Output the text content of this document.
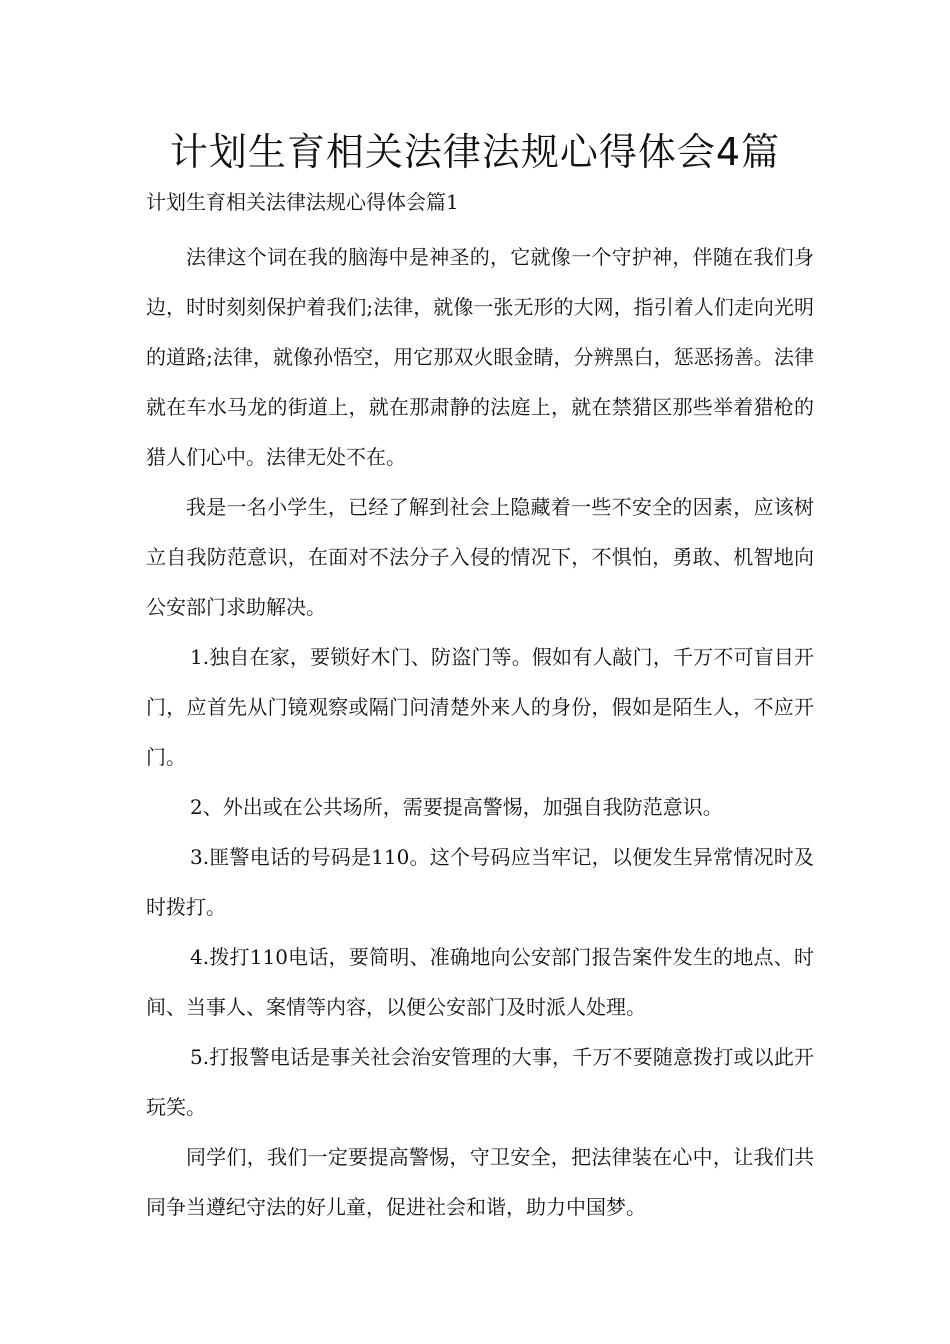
计划生育相关法律法规心得体会4篇

计划生育相关法律法规心得体会篇1

法律这个词在我的脑海中是神圣的，它就像一个守护神，伴随在我们身边，时时刻刻保护着我们;法律，就像一张无形的大网，指引着人们走向光明的道路;法律，就像孙悟空，用它那双火眼金睛，分辨黑白，惩恶扬善。法律就在车水马龙的街道上，就在那肃静的法庭上，就在禁猎区那些举着猎枪的猎人们心中。法律无处不在。

我是一名小学生，已经了解到社会上隐藏着一些不安全的因素，应该树立自我防范意识，在面对不法分子入侵的情况下，不惧怕，勇敢、机智地向公安部门求助解决。

1.独自在家，要锁好木门、防盗门等。假如有人敲门，千万不可盲目开门，应首先从门镜观察或隔门问清楚外来人的身份，假如是陌生人，不应开门。

2、外出或在公共场所，需要提高警惕，加强自我防范意识。

3.匪警电话的号码是110。这个号码应当牢记，以便发生异常情况时及时拨打。

4.拨打110电话，要简明、准确地向公安部门报告案件发生的地点、时间、当事人、案情等内容，以便公安部门及时派人处理。

5.打报警电话是事关社会治安管理的大事，千万不要随意拨打或以此开玩笑。

同学们，我们一定要提高警惕，守卫安全，把法律装在心中，让我们共同争当遵纪守法的好儿童，促进社会和谐，助力中国梦。
